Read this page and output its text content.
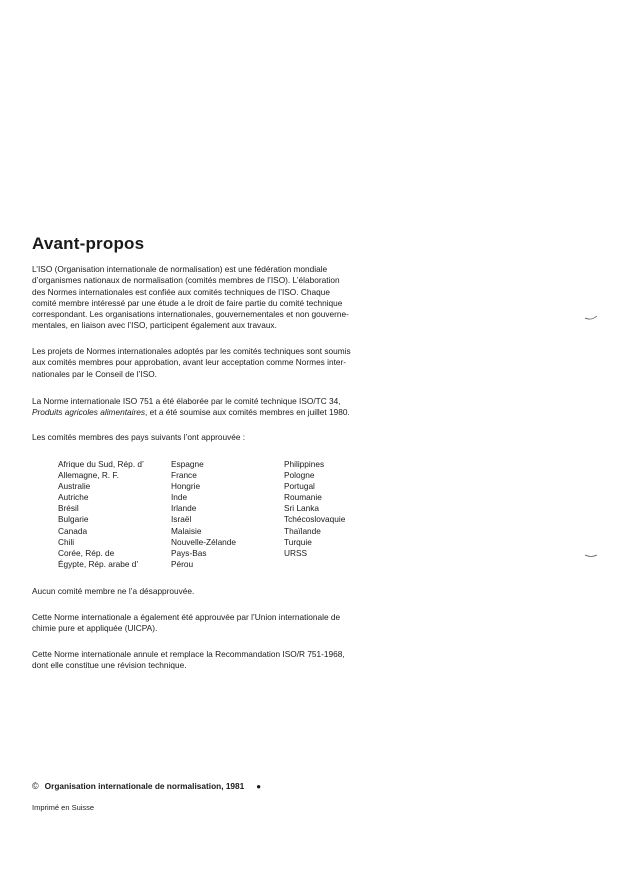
Avant-propos

L’ISO (Organisation internationale de normalisation) est une fédération mondiale
d’organismes nationaux de normalisation (comités membres de l’ISO). L’élaboration
des Normes internationales est confiée aux comités techniques de l’ISO. Chaque
comité membre intéressé par une étude a le droit de faire partie du comité technique
correspondant. Les organisations internationales, gouvernementales et non gouverne-
mentales, en liaison avec l’ISO, participent également aux travaux.

Les projets de Normes internationales adoptés par les comités techniques sont soumis
aux comités membres pour approbation, avant leur acceptation comme Normes inter-
nationales par le Conseil de l’ISO.

La Norme internationale ISO 751 a été élaborée par le comité technique ISO/TC 34,
Produits agricoles alimentaires, et a été soumise aux comités membres en juillet 1980.

Les comités membres des pays suivants l’ont approuvée :

Afrique du Sud, Rép. d’
Allemagne, R. F.
Australie
Autriche
Brésil
Bulgarie
Canada
Chili
Corée, Rép. de
Égypte, Rép. arabe d’
Espagne
France
Hongrie
Inde
Irlande
Israël
Malaisie
Nouvelle-Zélande
Pays-Bas
Pérou
Philippines
Pologne
Portugal
Roumanie
Sri Lanka
Tchécoslovaquie
Thaïlande
Turquie
URSS

Aucun comité membre ne l’a désapprouvée.

Cette Norme internationale a également été approuvée par l’Union internationale de
chimie pure et appliquée (UICPA).

Cette Norme internationale annule et remplace la Recommandation ISO/R 751-1968,
dont elle constitue une révision technique.

© Organisation internationale de normalisation, 1981 ●
Imprimé en Suisse
